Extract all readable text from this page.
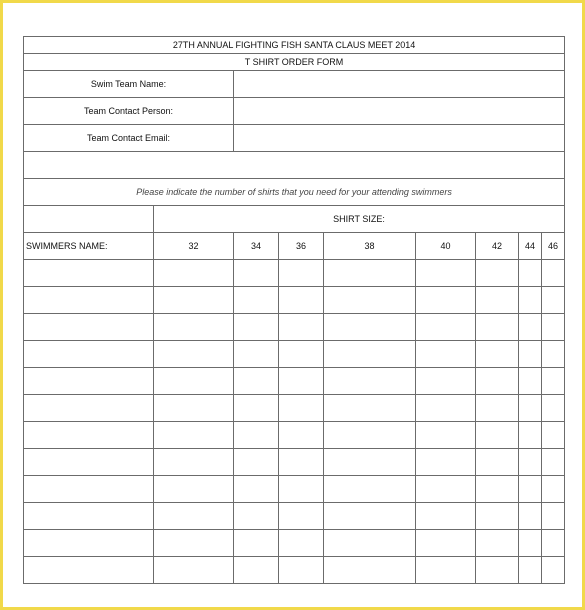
27TH ANNUAL FIGHTING FISH SANTA CLAUS MEET 2014								
T SHIRT ORDER FORM								
Swim Team Name:								
Team Contact Person:								
Team Contact Email:								

Please indicate the number of shirts that you need for your attending swimmers								
	SHIRT SIZE:							
SWIMMERS NAME:	32	34	36	38	40	42	44	46
